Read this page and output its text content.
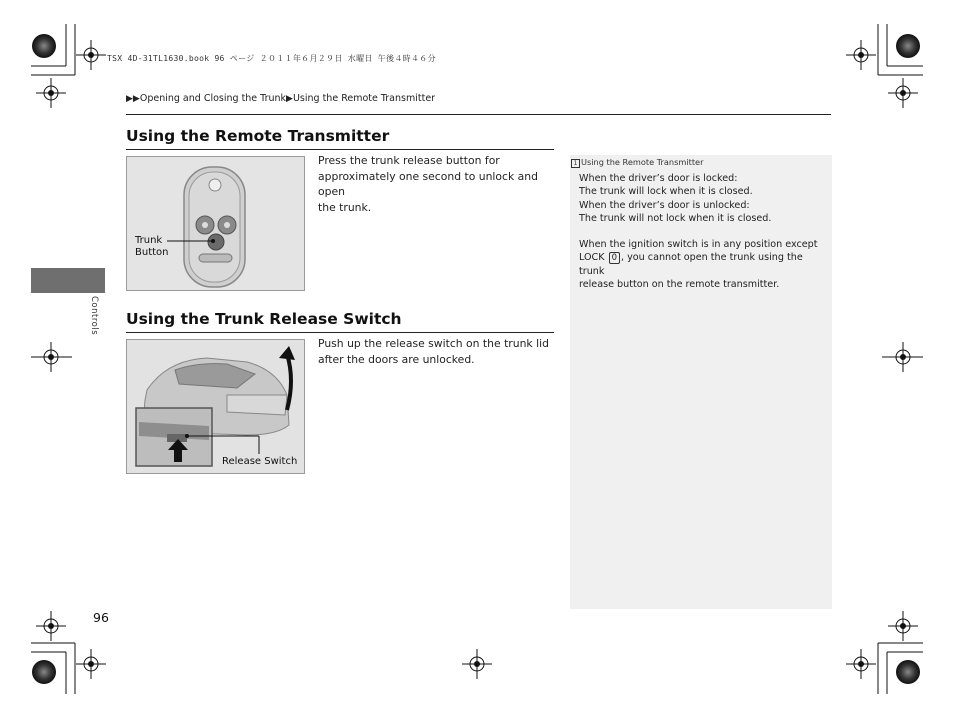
TSX 4D-31TL1630.book 96 ページ ２０１１年６月２９日 水曜日 午後４時４６分
▶▶Opening and Closing the Trunk▶Using the Remote Transmitter
Controls
Using the Remote Transmitter
Trunk
Button
Press the trunk release button for
approximately one second to unlock and open
the trunk.
Using the Trunk Release Switch
Release Switch
Push up the release switch on the trunk lid
after the doors are unlocked.
1 Using the Remote Transmitter
When the driver’s door is locked:
The trunk will lock when it is closed.
When the driver’s door is unlocked:
The trunk will not lock when it is closed.
When the ignition switch is in any position except
LOCK 0 , you cannot open the trunk using the trunk
release button on the remote transmitter.
96
